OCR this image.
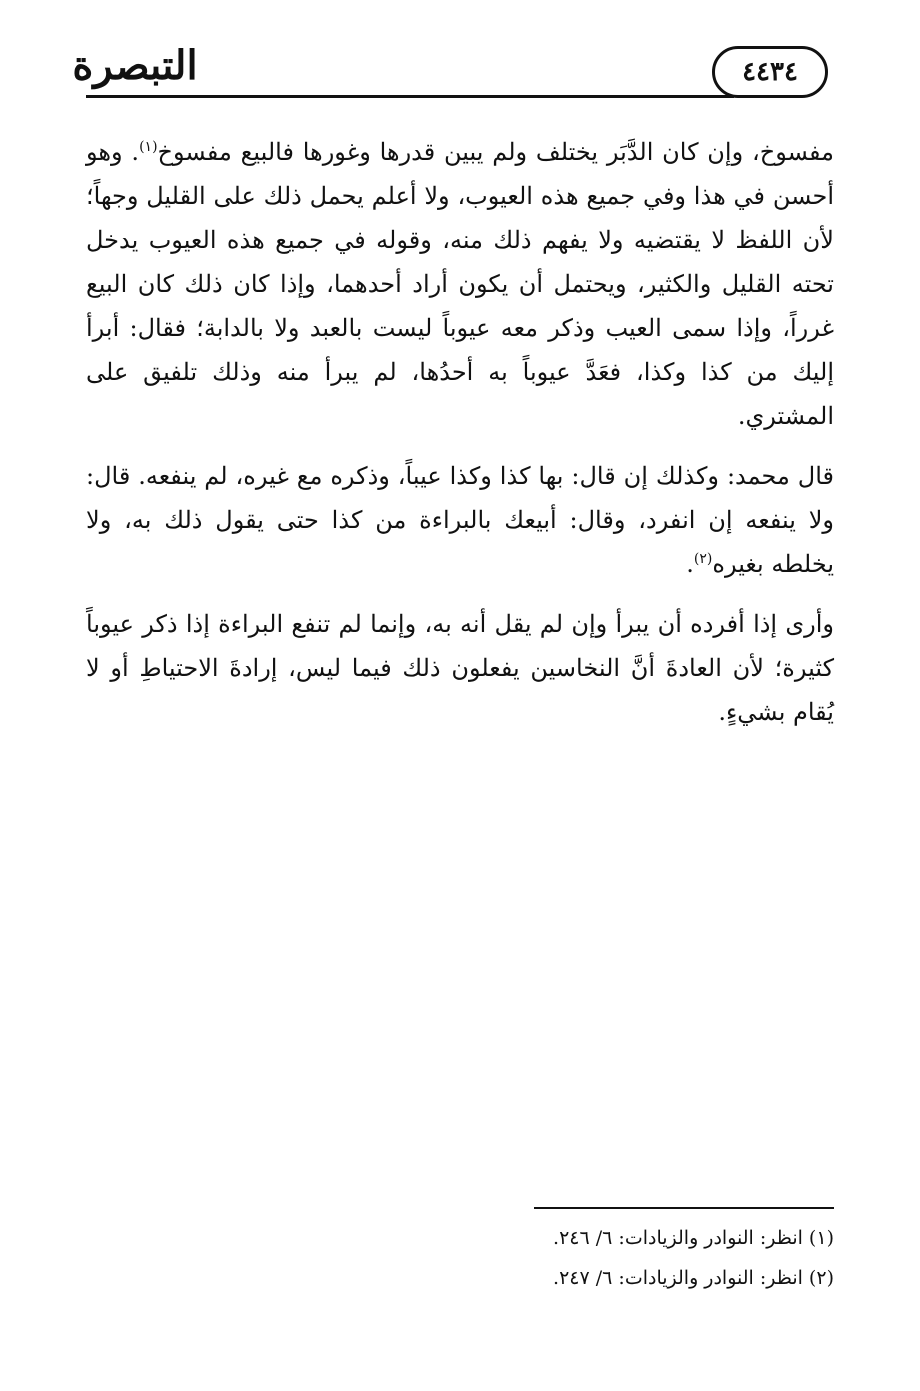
٤٤٣٤
التبصرة

مفسوخ، وإن كان الدَّبَر يختلف ولم يبين قدرها وغورها فالبيع مفسوخ$^{(١)}$. وهو أحسن في هذا وفي جميع هذه العيوب، ولا أعلم يحمل ذلك على القليل وجهاً؛ لأن اللفظ لا يقتضيه ولا يفهم ذلك منه، وقوله في جميع هذه العيوب يدخل تحته القليل والكثير، ويحتمل أن يكون أراد أحدهما، وإذا كان ذلك كان البيع غرراً، وإذا سمى العيب وذكر معه عيوباً ليست بالعبد ولا بالدابة؛ فقال: أبرأ إليك من كذا وكذا، فعَدَّ عيوباً به أحدُها، لم يبرأ منه وذلك تلفيق على المشتري.

قال محمد: وكذلك إن قال: بها كذا وكذا عيباً، وذكره مع غيره، لم ينفعه. قال: ولا ينفعه إن انفرد، وقال: أبيعك بالبراءة من كذا حتى يقول ذلك به، ولا يخلطه بغيره$^{(٢)}$.

وأرى إذا أفرده أن يبرأ وإن لم يقل أنه به، وإنما لم تنفع البراءة إذا ذكر عيوباً كثيرة؛ لأن العادةَ أنَّ النخاسين يفعلون ذلك فيما ليس، إرادةَ الاحتياطِ أو لا يُقام بشيءٍ.

(١) انظر: النوادر والزيادات: ٦/ ٢٤٦.

(٢) انظر: النوادر والزيادات: ٦/ ٢٤٧.
